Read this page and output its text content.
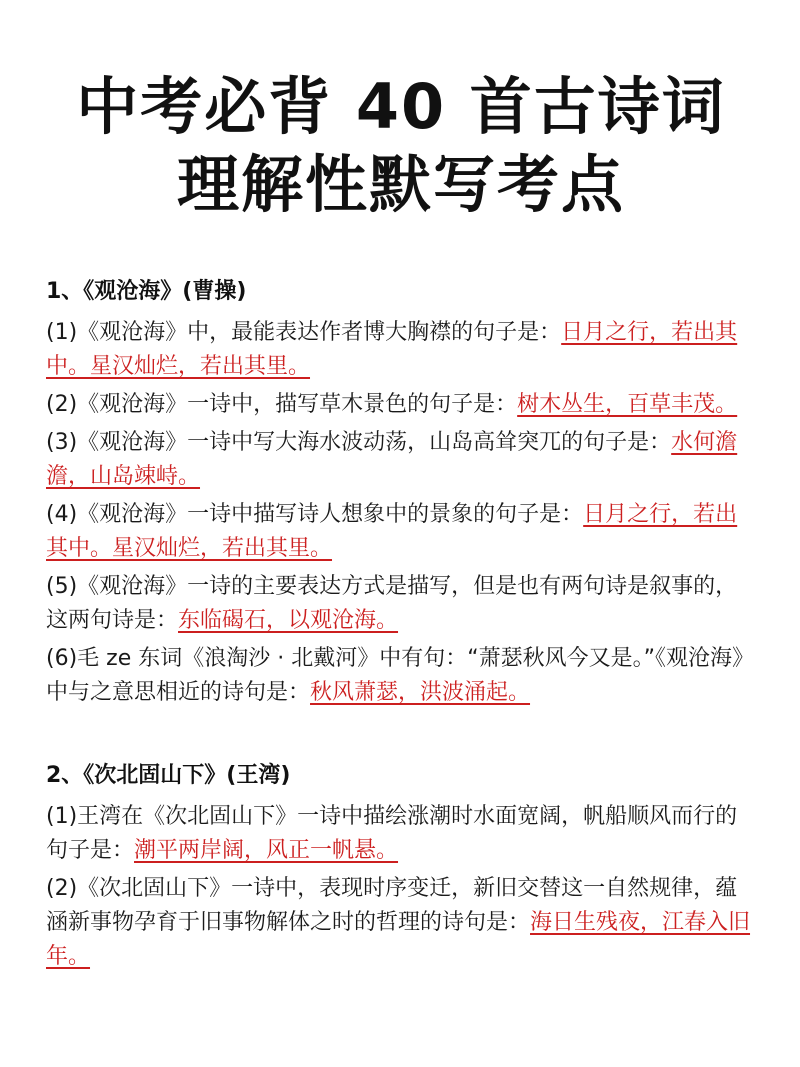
中考必背 40 首古诗词
理解性默写考点
1、《观沧海》(曹操)

(1)《观沧海》中，最能表达作者博大胸襟的句子是：日月之行，若出其中。星汉灿烂，若出其里。

(2)《观沧海》一诗中，描写草木景色的句子是：树木丛生，百草丰茂。

(3)《观沧海》一诗中写大海水波动荡，山岛高耸突兀的句子是：水何澹澹，山岛竦峙。

(4)《观沧海》一诗中描写诗人想象中的景象的句子是：日月之行，若出其中。星汉灿烂，若出其里。

(5)《观沧海》一诗的主要表达方式是描写，但是也有两句诗是叙事的，这两句诗是：东临碣石，以观沧海。

(6)毛 ze 东词《浪淘沙 · 北戴河》中有句：“萧瑟秋风今又是。”《观沧海》中与之意思相近的诗句是：秋风萧瑟，洪波涌起。

2、《次北固山下》(王湾)

(1)王湾在《次北固山下》一诗中描绘涨潮时水面宽阔，帆船顺风而行的句子是：潮平两岸阔，风正一帆悬。

(2)《次北固山下》一诗中，表现时序变迁，新旧交替这一自然规律，蕴涵新事物孕育于旧事物解体之时的哲理的诗句是：海日生残夜，江春入旧年。
